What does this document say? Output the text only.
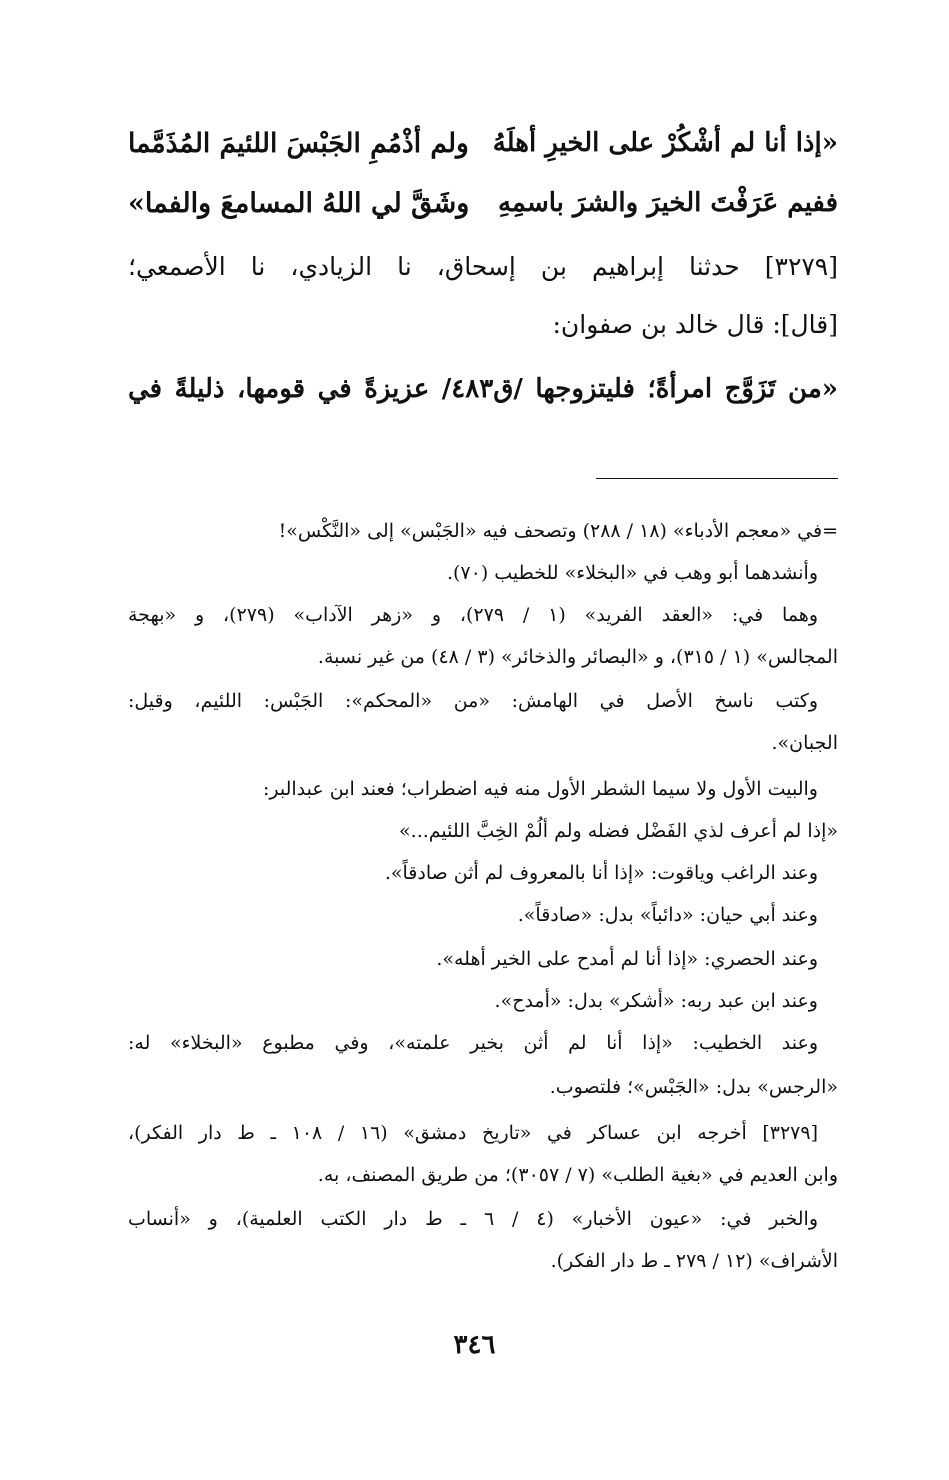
«إذا أنا لم أشْكُرْ على الخيرِ أهلَهُ
ولم أذْمُمِ الجَبْسَ اللئيمَ المُذَمَّما
ففيم عَرَفْتَ الخيرَ والشرَ باسمِهِ
وشَقَّ لي اللهُ المسامعَ والفما»
[٣٢٧٩] حدثنا إبراهيم بن إسحاق، نا الزيادي، نا الأصمعي؛
[قال]: قال خالد بن صفوان:
«من تَزَوَّج امرأةً؛ فليتزوجها /ق٤٨٣/ عزيزةً في قومها، ذليلةً في
=في «معجم الأدباء» (١٨ / ٢٨٨) وتصحف فيه «الجَبْس» إلى «النَّكْس»!
وأنشدهما أبو وهب في «البخلاء» للخطيب (٧٠).
وهما في: «العقد الفريد» (١ / ٢٧٩)، و «زهر الآداب» (٢٧٩)، و «بهجة
المجالس» (١ / ٣١٥)، و «البصائر والذخائر» (٣ / ٤٨) من غير نسبة.
وكتب ناسخ الأصل في الهامش: «من «المحكم»: الجَبْس: اللئيم، وقيل:
الجبان».
والبيت الأول ولا سيما الشطر الأول منه فيه اضطراب؛ فعند ابن عبدالبر:
«إذا لم أعرف لذي الفَضْل فضله ولم ألُمْ الخِبَّ اللئيم...»
وعند الراغب وياقوت: «إذا أنا بالمعروف لم أثن صادقاً».
وعند أبي حيان: «دائباً» بدل: «صادقاً».
وعند الحصري: «إذا أنا لم أمدح على الخير أهله».
وعند ابن عبد ربه: «أشكر» بدل: «أمدح».
وعند الخطيب: «إذا أنا لم أثن بخير علمته»، وفي مطبوع «البخلاء» له:
«الرجس» بدل: «الجَبْس»؛ فلتصوب.
[٣٢٧٩] أخرجه ابن عساكر في «تاريخ دمشق» (١٦ / ١٠٨ ـ ط دار الفكر)،
وابن العديم في «بغية الطلب» (٧ / ٣٠٥٧)؛ من طريق المصنف، به.
والخبر في: «عيون الأخبار» (٤ / ٦ ـ ط دار الكتب العلمية)، و «أنساب
الأشراف» (١٢ / ٢٧٩ ـ ط دار الفكر).
٣٤٦
